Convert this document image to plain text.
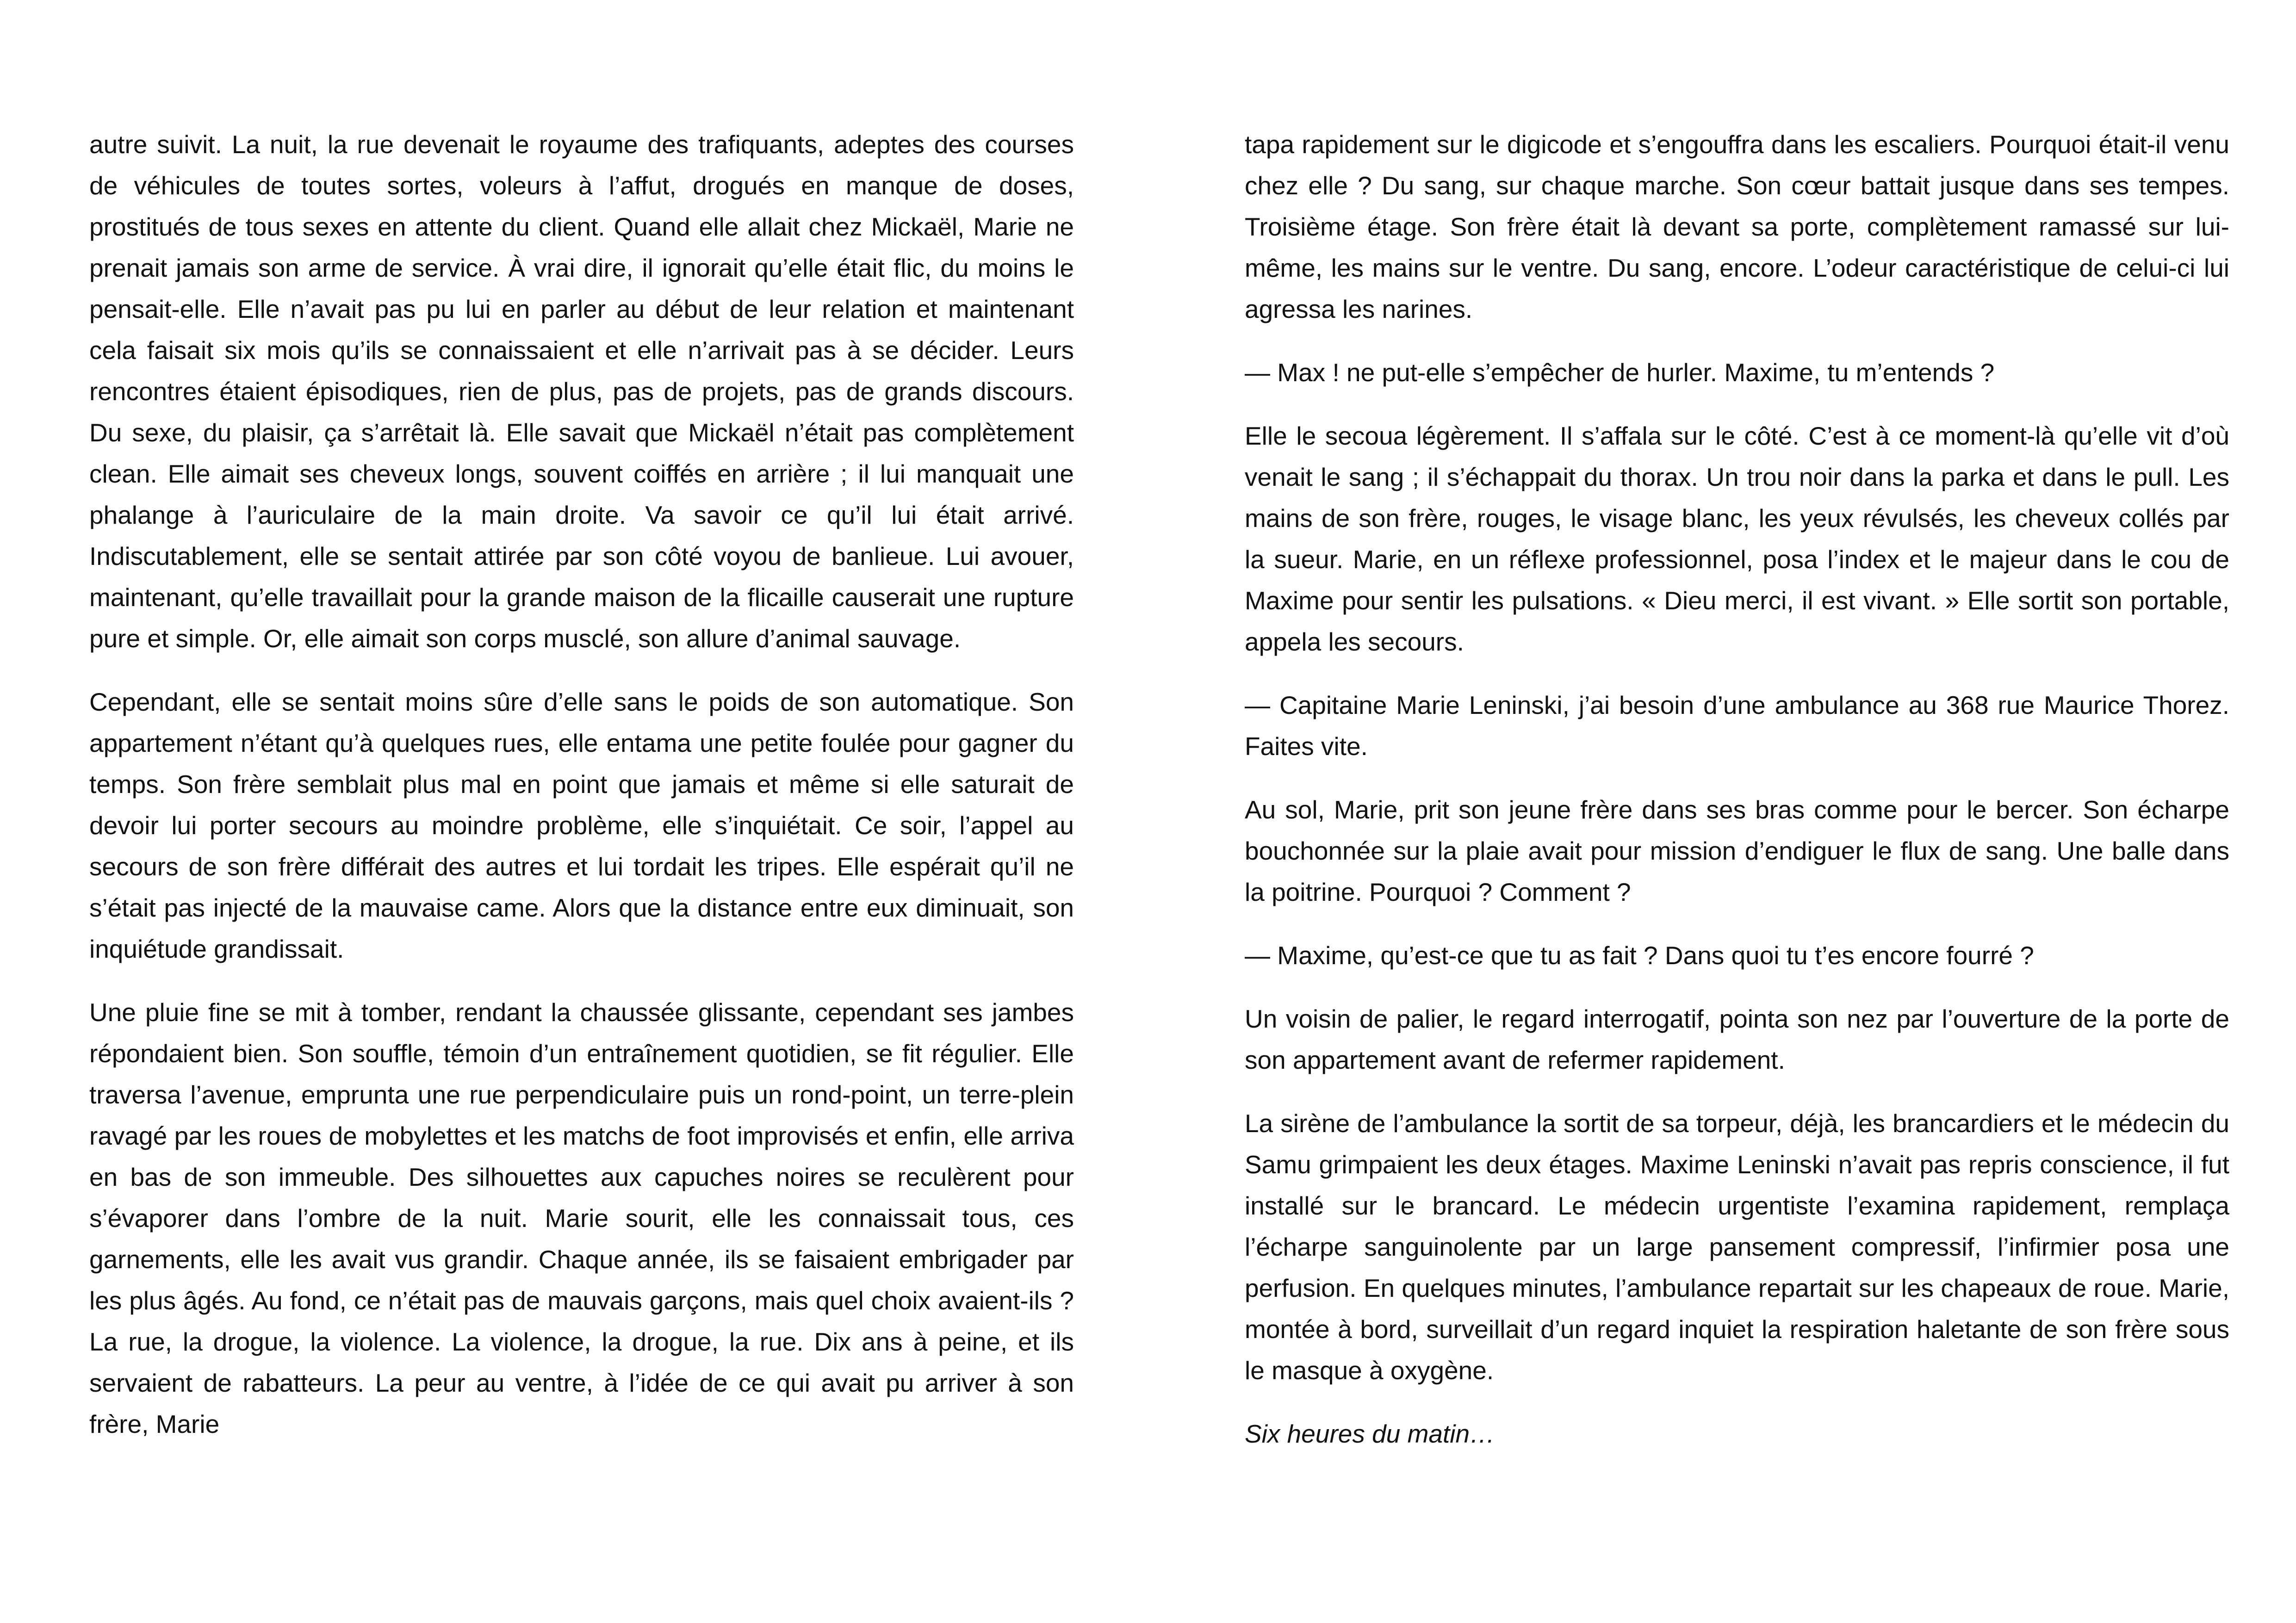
autre suivit. La nuit, la rue devenait le royaume des trafiquants, adeptes des courses de véhicules de toutes sortes, voleurs à l’affut, drogués en manque de doses, prostitués de tous sexes en attente du client. Quand elle allait chez Mickaël, Marie ne prenait jamais son arme de service. À vrai dire, il ignorait qu’elle était flic, du moins le pensait-elle. Elle n’avait pas pu lui en parler au début de leur relation et maintenant cela faisait six mois qu’ils se connaissaient et elle n’arrivait pas à se décider. Leurs rencontres étaient épisodiques, rien de plus, pas de projets, pas de grands discours. Du sexe, du plaisir, ça s’arrêtait là. Elle savait que Mickaël n’était pas complètement clean. Elle aimait ses cheveux longs, souvent coiffés en arrière ; il lui manquait une phalange à l’auriculaire de la main droite. Va savoir ce qu’il lui était arrivé. Indiscutablement, elle se sentait attirée par son côté voyou de banlieue. Lui avouer, maintenant, qu’elle travaillait pour la grande maison de la flicaille causerait une rupture pure et simple. Or, elle aimait son corps musclé, son allure d’animal sauvage.

Cependant, elle se sentait moins sûre d’elle sans le poids de son automatique. Son appartement n’étant qu’à quelques rues, elle entama une petite foulée pour gagner du temps. Son frère semblait plus mal en point que jamais et même si elle saturait de devoir lui porter secours au moindre problème, elle s’inquiétait. Ce soir, l’appel au secours de son frère différait des autres et lui tordait les tripes. Elle espérait qu’il ne s’était pas injecté de la mauvaise came. Alors que la distance entre eux diminuait, son inquiétude grandissait.

Une pluie fine se mit à tomber, rendant la chaussée glissante, cependant ses jambes répondaient bien. Son souffle, témoin d’un entraînement quotidien, se fit régulier. Elle traversa l’avenue, emprunta une rue perpendiculaire puis un rond-point, un terre-plein ravagé par les roues de mobylettes et les matchs de foot improvisés et enfin, elle arriva en bas de son immeuble. Des silhouettes aux capuches noires se reculèrent pour s’évaporer dans l’ombre de la nuit. Marie sourit, elle les connaissait tous, ces garnements, elle les avait vus grandir. Chaque année, ils se faisaient embrigader par les plus âgés. Au fond, ce n’était pas de mauvais garçons, mais quel choix avaient-ils ? La rue, la drogue, la violence. La violence, la drogue, la rue. Dix ans à peine, et ils servaient de rabatteurs. La peur au ventre, à l’idée de ce qui avait pu arriver à son frère, Marie

tapa rapidement sur le digicode et s’engouffra dans les escaliers. Pourquoi était-il venu chez elle ? Du sang, sur chaque marche. Son cœur battait jusque dans ses tempes. Troisième étage. Son frère était là devant sa porte, complètement ramassé sur lui-même, les mains sur le ventre. Du sang, encore. L’odeur caractéristique de celui-ci lui agressa les narines.

— Max ! ne put-elle s’empêcher de hurler. Maxime, tu m’entends ?

Elle le secoua légèrement. Il s’affala sur le côté. C’est à ce moment-là qu’elle vit d’où venait le sang ; il s’échappait du thorax. Un trou noir dans la parka et dans le pull. Les mains de son frère, rouges, le visage blanc, les yeux révulsés, les cheveux collés par la sueur. Marie, en un réflexe professionnel, posa l’index et le majeur dans le cou de Maxime pour sentir les pulsations. « Dieu merci, il est vivant. » Elle sortit son portable, appela les secours.

— Capitaine Marie Leninski, j’ai besoin d’une ambulance au 368 rue Maurice Thorez. Faites vite.

Au sol, Marie, prit son jeune frère dans ses bras comme pour le bercer. Son écharpe bouchonnée sur la plaie avait pour mission d’endiguer le flux de sang. Une balle dans la poitrine. Pourquoi ? Comment ?

— Maxime, qu’est-ce que tu as fait ? Dans quoi tu t’es encore fourré ?

Un voisin de palier, le regard interrogatif, pointa son nez par l’ouverture de la porte de son appartement avant de refermer rapidement.

La sirène de l’ambulance la sortit de sa torpeur, déjà, les brancardiers et le médecin du Samu grimpaient les deux étages. Maxime Leninski n’avait pas repris conscience, il fut installé sur le brancard. Le médecin urgentiste l’examina rapidement, remplaça l’écharpe sanguinolente par un large pansement compressif, l’infirmier posa une perfusion. En quelques minutes, l’ambulance repartait sur les chapeaux de roue. Marie, montée à bord, surveillait d’un regard inquiet la respiration haletante de son frère sous le masque à oxygène.

Six heures du matin…
